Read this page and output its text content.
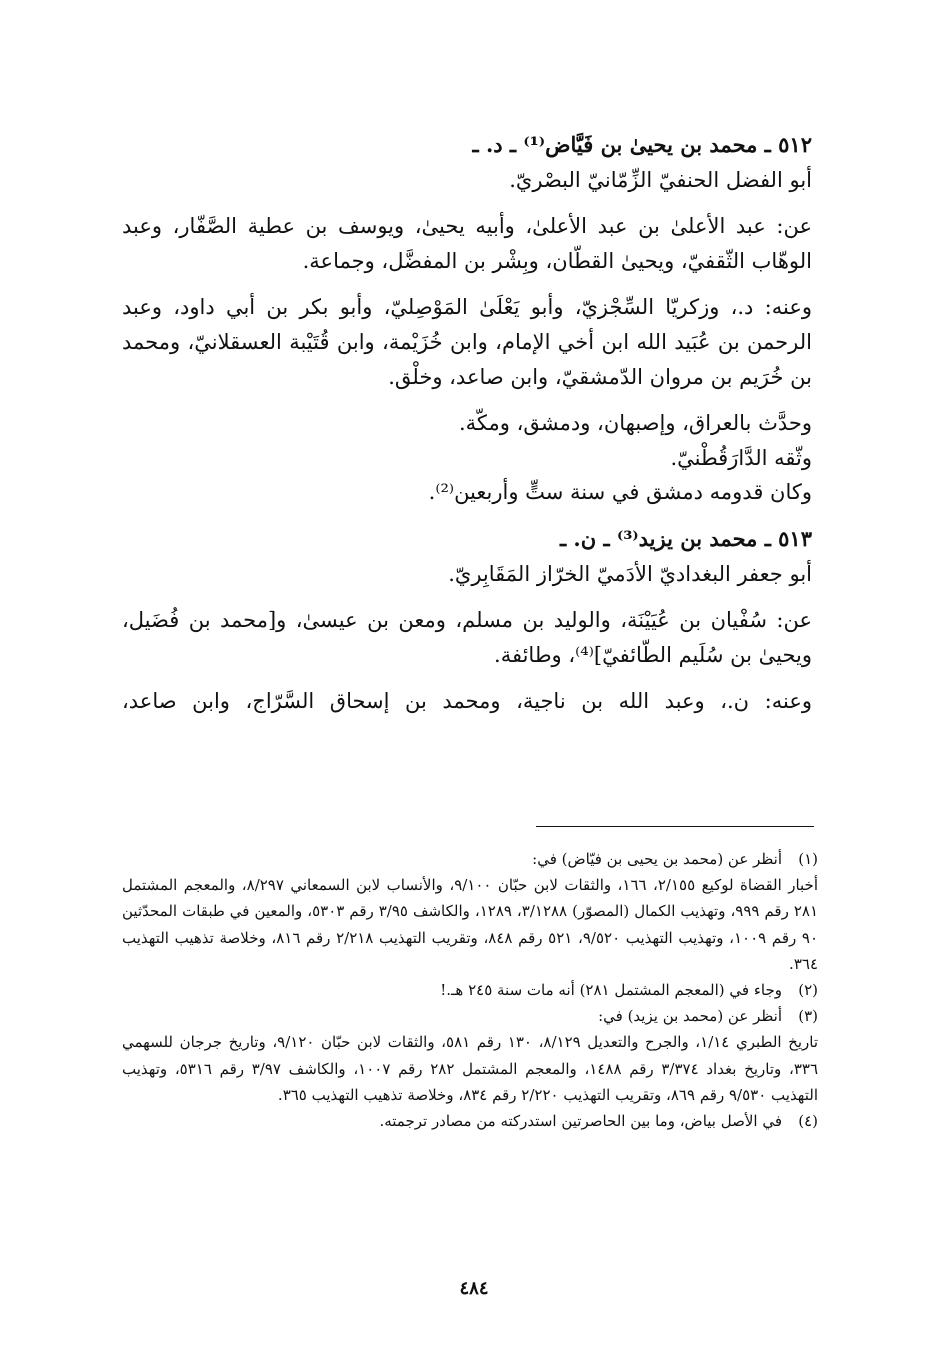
٥١٢ ـ محمد بن يحيىٰ بن فَيَّاض⁽¹⁾ ـ د. ـ

أبو الفضل الحنفيّ الزِّمّانيّ البصْريّ.

عن: عبد الأعلىٰ بن عبد الأعلىٰ، وأبيه يحيىٰ، ويوسف بن عطية الصَّفّار، وعبد الوهّاب الثّقفيّ، ويحيىٰ القطّان، وبِشْر بن المفضَّل، وجماعة.

وعنه: د.، وزكريّا السِّجْزيّ، وأبو يَعْلَىٰ المَوْصِليّ، وأبو بكر بن أبي داود، وعبد الرحمن بن عُبَيد الله ابن أخي الإمام، وابن خُزَيْمة، وابن قُتَيْبة العسقلانيّ، ومحمد بن خُرَيم بن مروان الدّمشقيّ، وابن صاعد، وخلْق.

وحدَّث بالعراق، وإصبهان، ودمشق، ومكّة.

وثّقه الدَّارَقُطْنيّ.

وكان قدومه دمشق في سنة ستٍّ وأربعين⁽²⁾.

٥١٣ ـ محمد بن يزيد⁽³⁾ ـ ن. ـ

أبو جعفر البغداديّ الأدَميّ الخرّاز المَقَابِريّ.

عن: سُفْيان بن عُيَيْنَة، والوليد بن مسلم، ومعن بن عيسىٰ، و[محمد بن فُضَيل، ويحيىٰ بن سُلَيم الطّائفيّ]⁽⁴⁾، وطائفة.

وعنه: ن.، وعبد الله بن ناجية، ومحمد بن إسحاق السَّرّاج، وابن صاعد،

(١)
أنظر عن (محمد بن يحيى بن فيّاض) في:

أخبار القضاة لوكيع ٢/١٥٥، ١٦٦، والثقات لابن حبّان ٩/١٠٠، والأنساب لابن السمعاني ٨/٢٩٧، والمعجم المشتمل ٢٨١ رقم ٩٩٩، وتهذيب الكمال (المصوّر) ٣/١٢٨٨، ١٢٨٩، والكاشف ٣/٩٥ رقم ٥٣٠٣، والمعين في طبقات المحدّثين ٩٠ رقم ١٠٠٩، وتهذيب التهذيب ٩/٥٢٠، ٥٢١ رقم ٨٤٨، وتقريب التهذيب ٢/٢١٨ رقم ٨١٦، وخلاصة تذهيب التهذيب ٣٦٤.

(٢)
وجاء في (المعجم المشتمل ٢٨١) أنه مات سنة ٢٤٥ هـ.!
(٣)
أنظر عن (محمد بن يزيد) في:

تاريخ الطبري ١/١٤، والجرح والتعديل ٨/١٢٩، ١٣٠ رقم ٥٨١، والثقات لابن حبّان ٩/١٢٠، وتاريخ جرجان للسهمي ٣٣٦، وتاريخ بغداد ٣/٣٧٤ رقم ١٤٨٨، والمعجم المشتمل ٢٨٢ رقم ١٠٠٧، والكاشف ٣/٩٧ رقم ٥٣١٦، وتهذيب التهذيب ٩/٥٣٠ رقم ٨٦٩، وتقريب التهذيب ٢/٢٢٠ رقم ٨٣٤، وخلاصة تذهيب التهذيب ٣٦٥.

(٤)
في الأصل بياض، وما بين الحاصرتين استدركته من مصادر ترجمته.
٤٨٤
